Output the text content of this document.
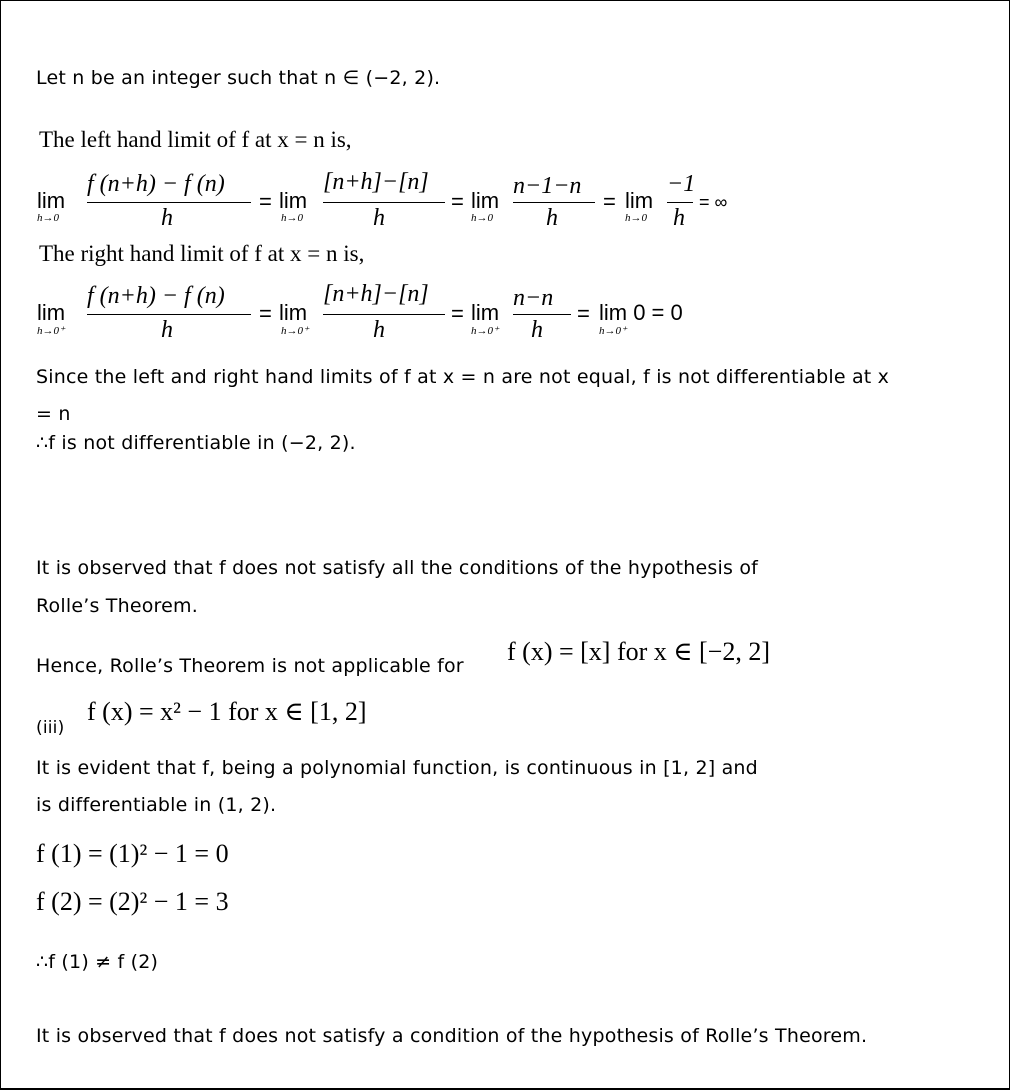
Let n be an integer such that n ∈ (−2, 2).
The left hand limit of f at x = n is,
lim
h→0
f (n+h) − f (n)
h
= lim
h→0
[n+h]−[n]
h
= lim
h→0
n−1−n
h
= lim
h→0
−1
h
= ∞
The right hand limit of f at x = n is,
lim
h→0⁺
f (n+h) − f (n)
h
= lim
h→0⁺
[n+h]−[n]
h
= lim
h→0⁺
n−n
h
= lim 0 = 0
h→0⁺
Since the left and right hand limits of f at x = n are not equal, f is not differentiable at x
= n
∴f is not differentiable in (−2, 2).
It is observed that f does not satisfy all the conditions of the hypothesis of
Rolle’s Theorem.
Hence, Rolle’s Theorem is not applicable for f (x) = [x] for x ∈ [−2, 2]
(iii)
f (x) = x² − 1 for x ∈ [1, 2]
It is evident that f, being a polynomial function, is continuous in [1, 2] and
is differentiable in (1, 2).
f (1) = (1)² − 1 = 0
f (2) = (2)² − 1 = 3
∴f (1) ≠ f (2)
It is observed that f does not satisfy a condition of the hypothesis of Rolle’s Theorem.
